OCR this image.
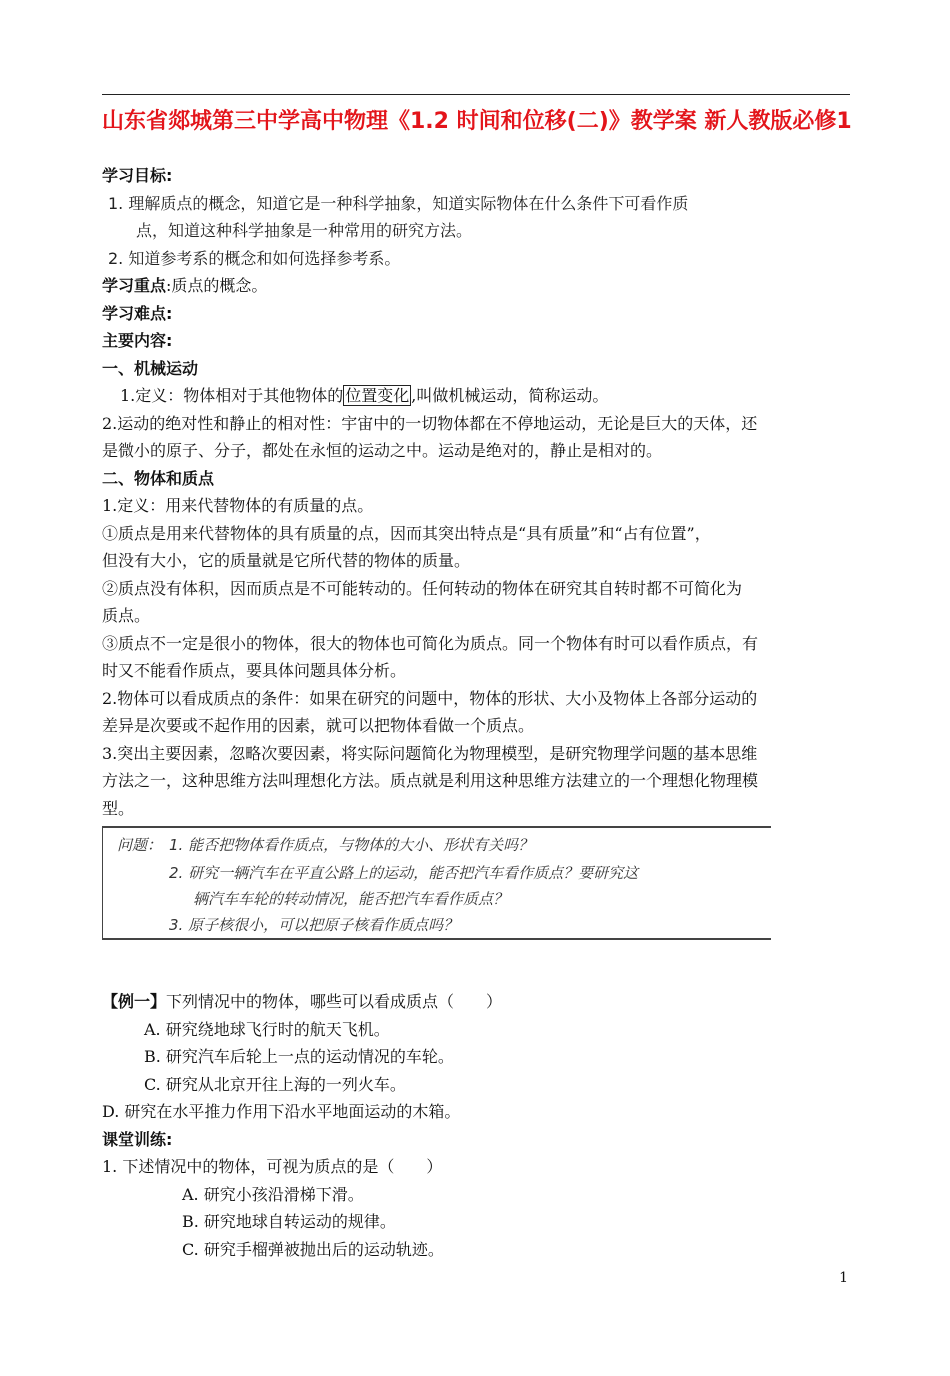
山东省郯城第三中学高中物理《1.2 时间和位移(二)》教学案 新人教版必修1
学习目标:
1. 理解质点的概念，知道它是一种科学抽象，知道实际物体在什么条件下可看作质
点，知道这种科学抽象是一种常用的研究方法。
2. 知道参考系的概念和如何选择参考系。
学习重点:质点的概念。
学习难点:
主要内容:
一、机械运动
1.定义：物体相对于其他物体的 位置变化 ,叫做机械运动，简称运动。
2.运动的绝对性和静止的相对性：宇宙中的一切物体都在不停地运动，无论是巨大的天体，还
是微小的原子、分子，都处在永恒的运动之中。运动是绝对的，静止是相对的。
二、物体和质点
1.定义：用来代替物体的有质量的点。
①质点是用来代替物体的具有质量的点，因而其突出特点是“具有质量”和“占有位置”，
但没有大小，它的质量就是它所代替的物体的质量。
②质点没有体积，因而质点是不可能转动的。任何转动的物体在研究其自转时都不可简化为
质点。
③质点不一定是很小的物体，很大的物体也可简化为质点。同一个物体有时可以看作质点，有
时又不能看作质点，要具体问题具体分析。
2.物体可以看成质点的条件：如果在研究的问题中，物体的形状、大小及物体上各部分运动的
差异是次要或不起作用的因素，就可以把物体看做一个质点。
3.突出主要因素，忽略次要因素，将实际问题简化为物理模型，是研究物理学问题的基本思维
方法之一，这种思维方法叫理想化方法。质点就是利用这种思维方法建立的一个理想化物理模
型。
问题： 1. 能否把物体看作质点，与物体的大小、形状有关吗？
2. 研究一辆汽车在平直公路上的运动，能否把汽车看作质点？要研究这
辆汽车车轮的转动情况，能否把汽车看作质点？
3. 原子核很小，可以把原子核看作质点吗？
【例一】下列情况中的物体，哪些可以看成质点（　　）
A. 研究绕地球飞行时的航天飞机。
B. 研究汽车后轮上一点的运动情况的车轮。
C. 研究从北京开往上海的一列火车。
D. 研究在水平推力作用下沿水平地面运动的木箱。
课堂训练:
1. 下述情况中的物体，可视为质点的是（　　）
A. 研究小孩沿滑梯下滑。
B. 研究地球自转运动的规律。
C. 研究手榴弹被抛出后的运动轨迹。
1
